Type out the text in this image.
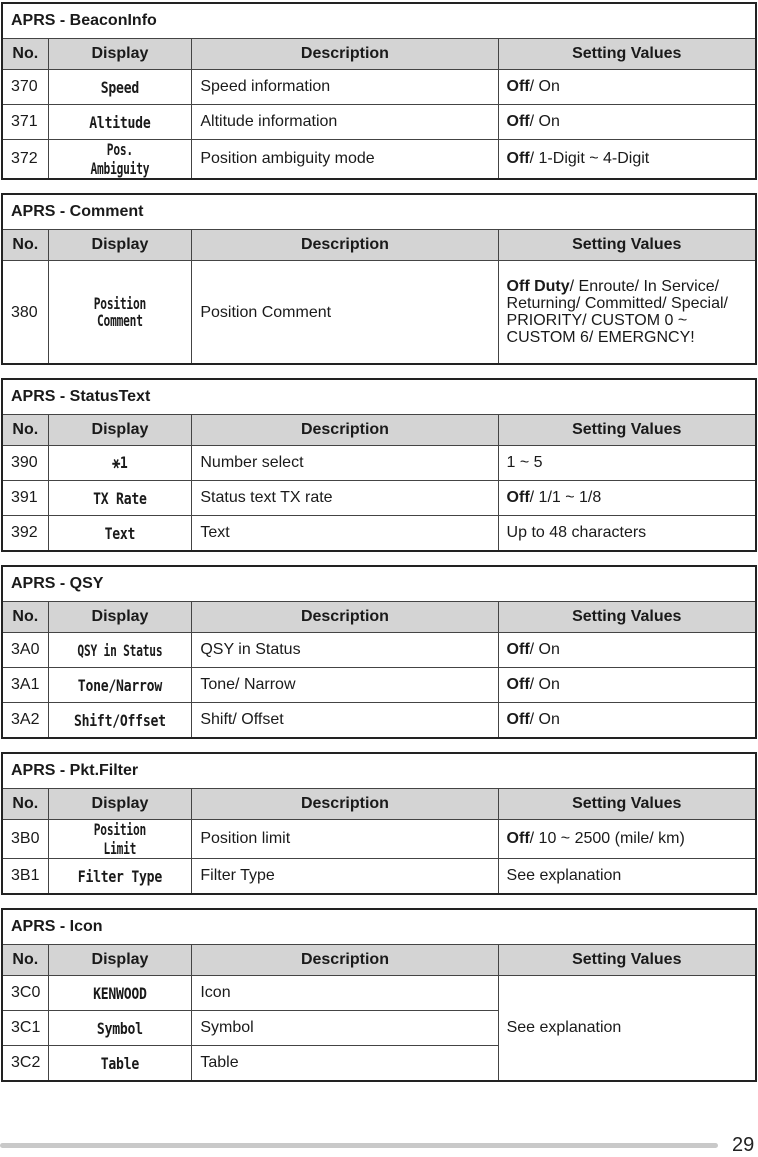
APRS - BeaconInfo			
No.	Display	Description	Setting Values
370	Speed	Speed information	Off/ On
371	Altitude	Altitude information	Off/ On
372	Pos. Ambiguity	Position ambiguity mode	Off/ 1-Digit ~ 4-Digit
APRS - Comment			
No.	Display	Description	Setting Values
380	Position Comment	Position Comment	Off Duty/ Enroute/ In Service/ Returning/ Committed/ Special/ PRIORITY/ CUSTOM 0 ~ CUSTOM 6/ EMERGNCY!
APRS - StatusText			
No.	Display	Description	Setting Values
390	⚹1	Number select	1 ~ 5
391	TX Rate	Status text TX rate	Off/ 1/1 ~ 1/8
392	Text	Text	Up to 48 characters
APRS - QSY			
No.	Display	Description	Setting Values
3A0	QSY in Status	QSY in Status	Off/ On
3A1	Tone/Narrow	Tone/ Narrow	Off/ On
3A2	Shift/Offset	Shift/ Offset	Off/ On
APRS - Pkt.Filter			
No.	Display	Description	Setting Values
3B0	Position Limit	Position limit	Off/ 10 ~ 2500 (mile/ km)
3B1	Filter Type	Filter Type	See explanation
APRS - Icon			
No.	Display	Description	Setting Values
3C0	KENWOOD	Icon	See explanation
3C1	Symbol	Symbol	
3C2	Table	Table	
29
